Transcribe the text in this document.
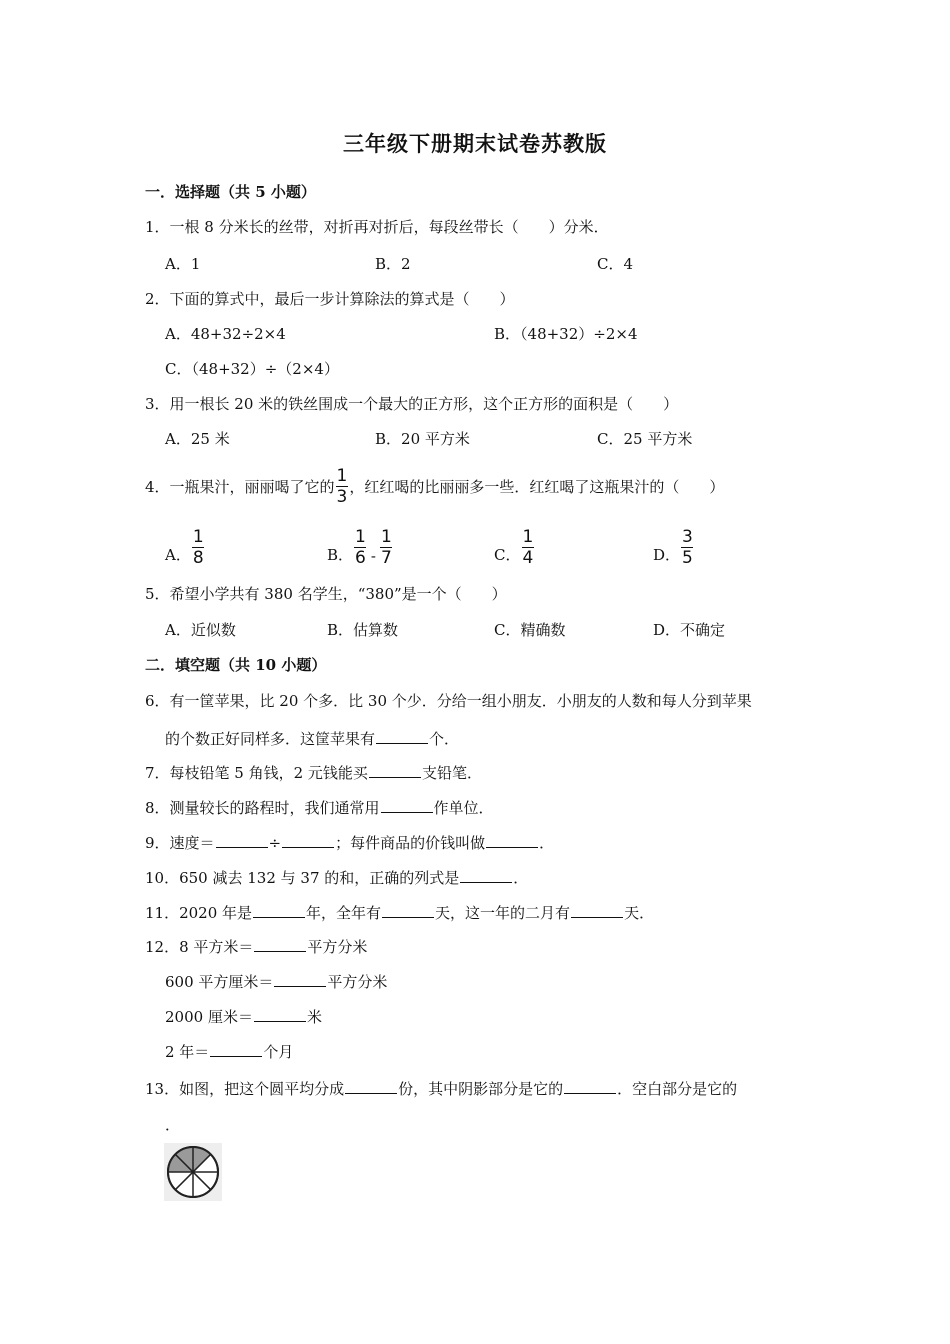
三年级下册期末试卷苏教版
一．选择题（共 5 小题）
1．一根 8 分米长的丝带，对折再对折后，每段丝带长（　　）分米．
A．1	B．2	C．4
2．下面的算式中，最后一步计算除法的算式是（　　）
A．48+32÷2×4	B．（48+32）÷2×4
C．（48+32）÷（2×4）
3．用一根长 20 米的铁丝围成一个最大的正方形，这个正方形的面积是（　　）
A．25 米	B．20 平方米	C．25 平方米
4．一瓶果汁，丽丽喝了它的 $\frac{1}{3}$ ，红红喝的比丽丽多一些．红红喝了这瓶果汁的（　　）
A． $\frac{1}{8}$	B． $\frac{1}{6} - \frac{1}{7}$	C． $\frac{1}{4}$	D． $\frac{3}{5}$
5．希望小学共有 380 名学生，“380”是一个（　　）
A．近似数	B．估算数	C．精确数	D．不确定
二．填空题（共 10 小题）
6．有一筐苹果，比 20 个多．比 30 个少．分给一组小朋友．小朋友的人数和每人分到苹果
的个数正好同样多．这筐苹果有	个．
7．每枝铅笔 5 角钱，2 元钱能买	支铅笔．
8．测量较长的路程时，我们通常用	作单位．
9．速度＝	÷	；每件商品的价钱叫做	．
10．650 减去 132 与 37 的和，正确的列式是	．
11．2020 年是	年，全年有	天，这一年的二月有	天．
12．8 平方米＝	平方分米
600 平方厘米＝	平方分米
2000 厘米＝	米
2 年＝	个月
13．如图，把这个圆平均分成	份，其中阴影部分是它的	．空白部分是它的
．
